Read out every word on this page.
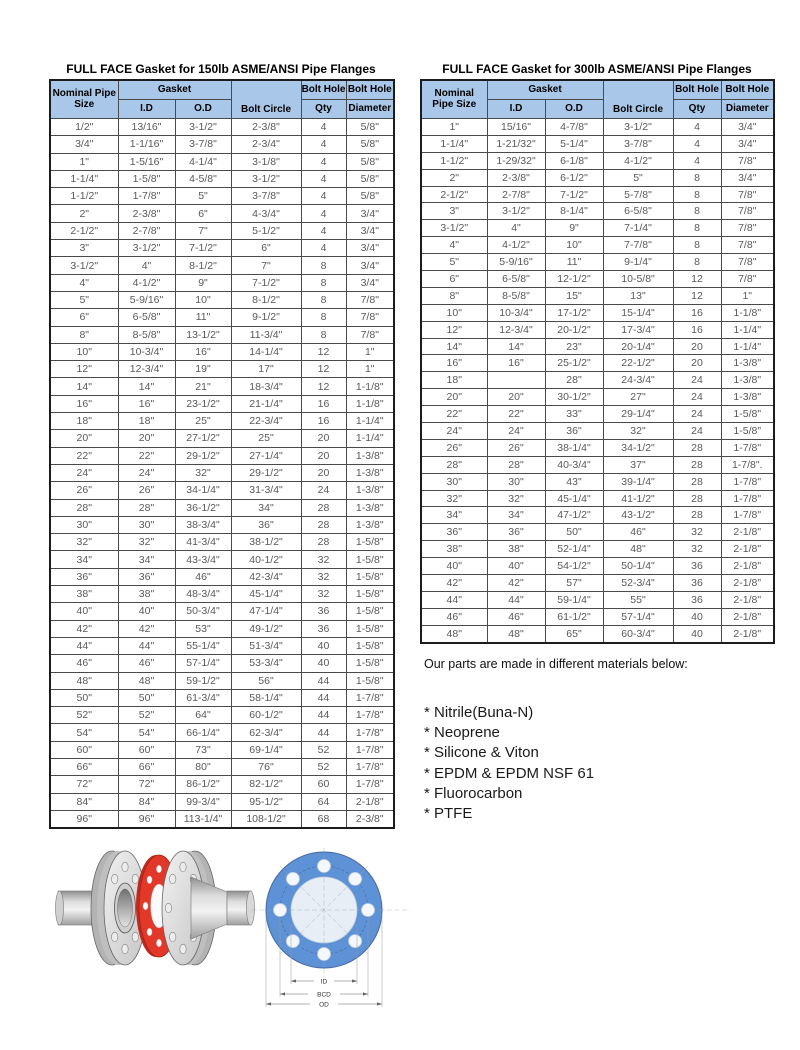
FULL FACE Gasket for 150lb ASME/ANSI Pipe Flanges	FULL FACE Gasket for 300lb ASME/ANSI Pipe Flanges
Nominal Pipe
Size	Gasket		Bolt Circle	Bolt Hole	Bolt Hole
	I.D	O.D		Qty	Diameter
1/2"	13/16"	3-1/2"	2-3/8"	4	5/8"
3/4"	1-1/16"	3-7/8"	2-3/4"	4	5/8"
1"	1-5/16"	4-1/4"	3-1/8"	4	5/8"
1-1/4"	1-5/8"	4-5/8"	3-1/2"	4	5/8"
1-1/2"	1-7/8"	5"	3-7/8"	4	5/8"
2"	2-3/8"	6"	4-3/4"	4	3/4"
2-1/2"	2-7/8"	7"	5-1/2"	4	3/4"
3"	3-1/2"	7-1/2"	6"	4	3/4"
3-1/2"	4"	8-1/2"	7"	8	3/4"
4"	4-1/2"	9"	7-1/2"	8	3/4"
5"	5-9/16"	10"	8-1/2"	8	7/8"
6"	6-5/8"	11"	9-1/2"	8	7/8"
8"	8-5/8"	13-1/2"	11-3/4"	8	7/8"
10"	10-3/4"	16"	14-1/4"	12	1"
12"	12-3/4"	19"	17"	12	1"
14"	14"	21"	18-3/4"	12	1-1/8"
16"	16"	23-1/2"	21-1/4"	16	1-1/8"
18"	18"	25"	22-3/4"	16	1-1/4"
20"	20"	27-1/2"	25"	20	1-1/4"
22"	22"	29-1/2"	27-1/4"	20	1-3/8"
24"	24"	32"	29-1/2"	20	1-3/8"
26"	26"	34-1/4"	31-3/4"	24	1-3/8"
28"	28"	36-1/2"	34"	28	1-3/8"
30"	30"	38-3/4"	36"	28	1-3/8"
32"	32"	41-3/4"	38-1/2"	28	1-5/8"
34"	34"	43-3/4"	40-1/2"	32	1-5/8"
36"	36"	46"	42-3/4"	32	1-5/8"
38"	38"	48-3/4"	45-1/4"	32	1-5/8"
40"	40"	50-3/4"	47-1/4"	36	1-5/8"
42"	42"	53"	49-1/2"	36	1-5/8"
44"	44"	55-1/4"	51-3/4"	40	1-5/8"
46"	46"	57-1/4"	53-3/4"	40	1-5/8"
48"	48"	59-1/2"	56"	44	1-5/8"
50"	50"	61-3/4"	58-1/4"	44	1-7/8"
52"	52"	64"	60-1/2"	44	1-7/8"
54"	54"	66-1/4"	62-3/4"	44	1-7/8"
60"	60"	73"	69-1/4"	52	1-7/8"
66"	66"	80"	76"	52	1-7/8"
72"	72"	86-1/2"	82-1/2"	60	1-7/8"
84"	84"	99-3/4"	95-1/2"	64	2-1/8"
96"	96"	113-1/4"	108-1/2"	68	2-3/8"
Nominal
Pipe Size	Gasket		Bolt Circle	Bolt Hole	Bolt Hole
	I.D	O.D		Qty	Diameter
1"	15/16"	4-7/8"	3-1/2"	4	3/4"
1-1/4"	1-21/32"	5-1/4"	3-7/8"	4	3/4"
1-1/2"	1-29/32"	6-1/8"	4-1/2"	4	7/8"
2"	2-3/8"	6-1/2"	5"	8	3/4"
2-1/2"	2-7/8"	7-1/2"	5-7/8"	8	7/8"
3"	3-1/2"	8-1/4"	6-5/8"	8	7/8"
3-1/2"	4"	9"	7-1/4"	8	7/8"
4"	4-1/2"	10"	7-7/8"	8	7/8"
5"	5-9/16"	11"	9-1/4"	8	7/8"
6"	6-5/8"	12-1/2"	10-5/8"	12	7/8"
8"	8-5/8"	15"	13"	12	1"
10"	10-3/4"	17-1/2"	15-1/4"	16	1-1/8"
12"	12-3/4"	20-1/2"	17-3/4"	16	1-1/4"
14"	14"	23"	20-1/4"	20	1-1/4"
16"	16"	25-1/2"	22-1/2"	20	1-3/8"
18"		28"	24-3/4"	24	1-3/8"
20"	20"	30-1/2"	27"	24	1-3/8"
22"	22"	33"	29-1/4"	24	1-5/8"
24"	24"	36"	32"	24	1-5/8"
26"	26"	38-1/4"	34-1/2"	28	1-7/8"
28"	28"	40-3/4"	37"	28	1-7/8".
30"	30"	43"	39-1/4"	28	1-7/8"
32"	32"	45-1/4"	41-1/2"	28	1-7/8"
34"	34"	47-1/2"	43-1/2"	28	1-7/8"
36"	36"	50"	46"	32	2-1/8"
38"	38"	52-1/4"	48"	32	2-1/8"
40"	40"	54-1/2"	50-1/4"	36	2-1/8"
42"	42"	57"	52-3/4"	36	2-1/8"
44"	44"	59-1/4"	55"	36	2-1/8"
46"	46"	61-1/2"	57-1/4"	40	2-1/8"
48"	48"	65"	60-3/4"	40	2-1/8"
Our parts are made in different materials below:
* Nitrile(Buna-N)
* Neoprene
* Silicone & Viton
* EPDM & EPDM NSF 61
* Fluorocarbon
* PTFE
ID
BCD
OD
